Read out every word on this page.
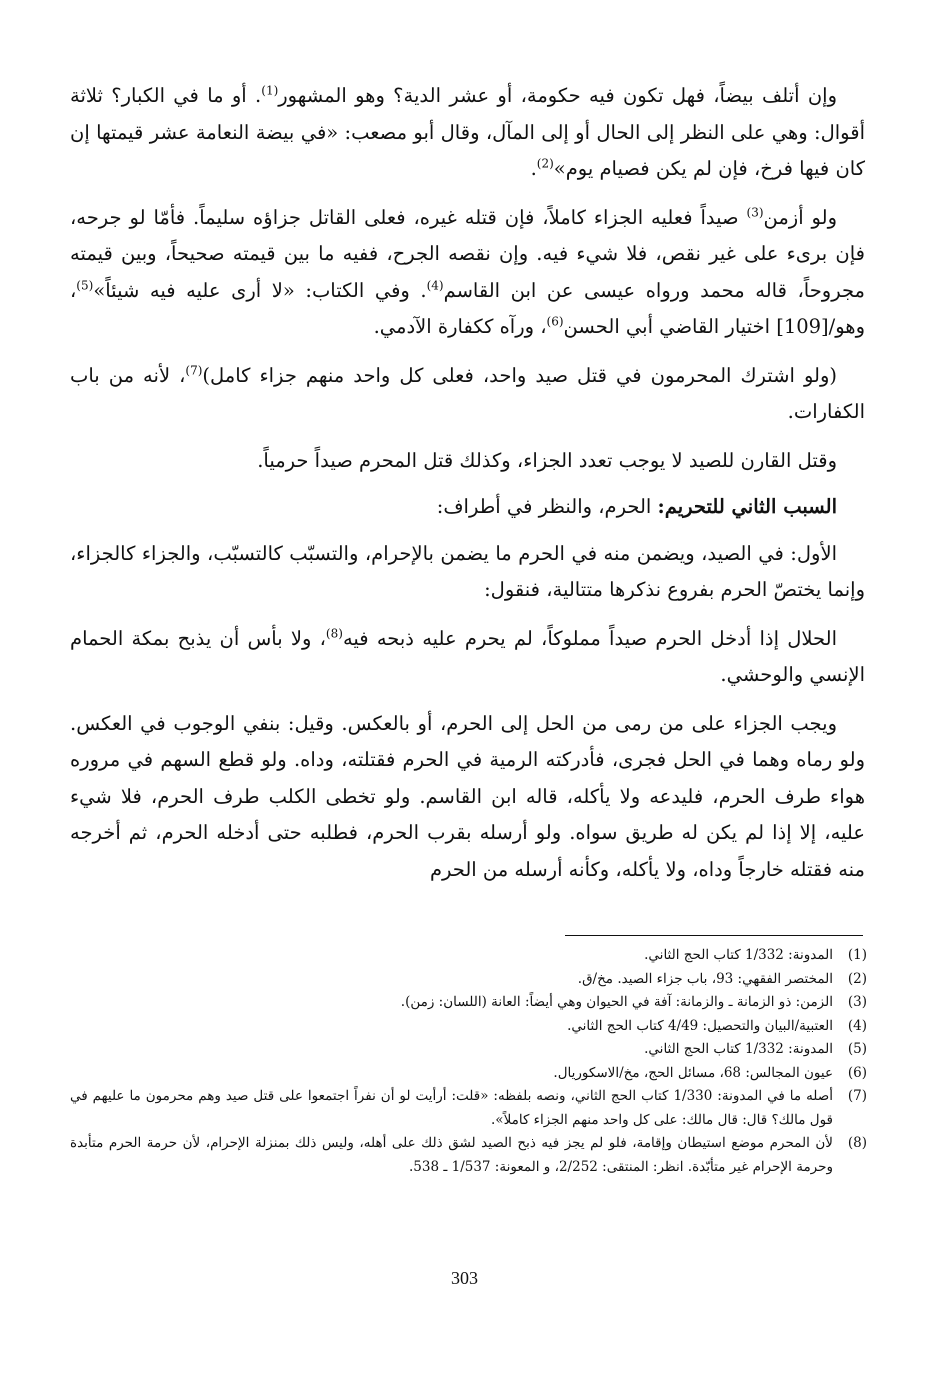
وإن أتلف بيضاً، فهل تكون فيه حكومة، أو عشر الدية؟ وهو المشهور$^{(1)}$. أو ما في الكبار؟ ثلاثة أقوال: وهي على النظر إلى الحال أو إلى المآل، وقال أبو مصعب: «في بيضة النعامة عشر قيمتها إن كان فيها فرخ، فإن لم يكن فصيام يوم»$^{(2)}$.

ولو أزمن$^{(3)}$ صيداً فعليه الجزاء كاملاً، فإن قتله غيره، فعلى القاتل جزاؤه سليماً. فأمّا لو جرحه، فإن برىء على غير نقص، فلا شيء فيه. وإن نقصه الجرح، ففيه ما بين قيمته صحيحاً، وبين قيمته مجروحاً، قاله محمد ورواه عيسى عن ابن القاسم$^{(4)}$. وفي الكتاب: «لا أرى عليه فيه شيئاً»$^{(5)}$، وهو/[109] اختيار القاضي أبي الحسن$^{(6)}$، ورآه ككفارة الآدمي.

(ولو اشترك المحرمون في قتل صيد واحد، فعلى كل واحد منهم جزاء كامل)$^{(7)}$، لأنه من باب الكفارات.

وقتل القارن للصيد لا يوجب تعدد الجزاء، وكذلك قتل المحرم صيداً حرمياً.

السبب الثاني للتحريم: الحرم، والنظر في أطراف:

الأول: في الصيد، ويضمن منه في الحرم ما يضمن بالإحرام، والتسبّب كالتسبّب، والجزاء كالجزاء، وإنما يختصّ الحرم بفروع نذكرها متتالية، فنقول:

الحلال إذا أدخل الحرم صيداً مملوكاً، لم يحرم عليه ذبحه فيه$^{(8)}$، ولا بأس أن يذبح بمكة الحمام الإنسي والوحشي.

ويجب الجزاء على من رمى من الحل إلى الحرم، أو بالعكس. وقيل: بنفي الوجوب في العكس. ولو رماه وهما في الحل فجرى، فأدركته الرمية في الحرم فقتلته، وداه. ولو قطع السهم في مروره هواء طرف الحرم، فليدعه ولا يأكله، قاله ابن القاسم. ولو تخطى الكلب طرف الحرم، فلا شيء عليه، إلا إذا لم يكن له طريق سواه. ولو أرسله بقرب الحرم، فطلبه حتى أدخله الحرم، ثم أخرجه منه فقتله خارجاً وداه، ولا يأكله، وكأنه أرسله من الحرم

(1)
المدونة: 1/332 كتاب الحج الثاني.
(2)
المختصر الفقهي: 93، باب جزاء الصيد. مخ/ق.
(3)
الزمن: ذو الزمانة ـ والزمانة: آفة في الحيوان وهي أيضاً: العانة (اللسان: زمن).
(4)
العتبية/البيان والتحصيل: 4/49 كتاب الحج الثاني.
(5)
المدونة: 1/332 كتاب الحج الثاني.
(6)
عيون المجالس: 68، مسائل الحج، مخ/الاسكوريال.
(7)
أصله ما في المدونة: 1/330 كتاب الحج الثاني، ونصه بلفظه: «قلت: أرأيت لو أن نفراً اجتمعوا على قتل صيد وهم محرمون ما عليهم في قول مالك؟ قال: قال مالك: على كل واحد منهم الجزاء كاملاً».
(8)
لأن المحرم موضع استيطان وإقامة، فلو لم يجز فيه ذبح الصيد لشق ذلك على أهله، وليس ذلك بمنزلة الإحرام، لأن حرمة الحرم متأبدة وحرمة الإحرام غير متأبّدة. انظر: المنتقى: 2/252، و المعونة: 1/537 ـ 538.
303
